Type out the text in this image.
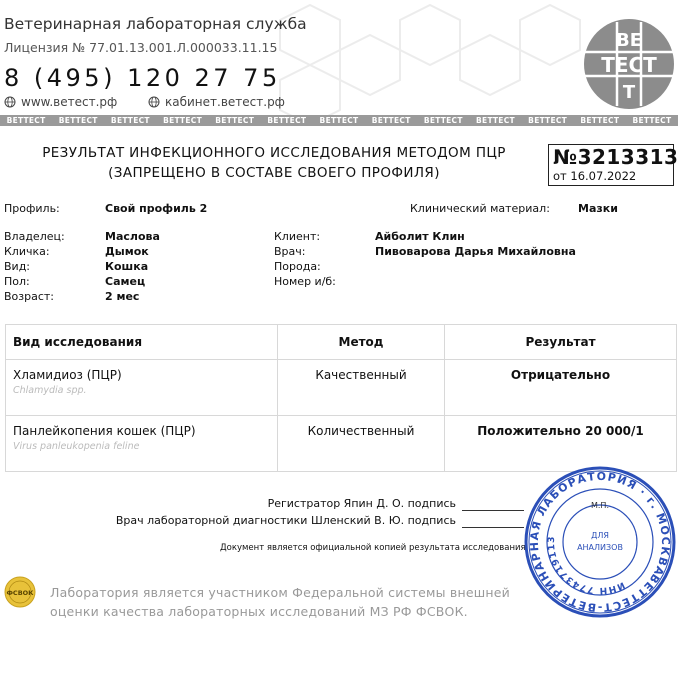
Ветеринарная лабораторная служба
Лицензия № 77.01.13.001.Л.000033.11.15
8 (495) 120 27 75
www.ветест.рф	кабинет.ветест.рф
ВЕ
ТЕСТ
Т
ВЕТТЕСТ	ВЕТТЕСТ	ВЕТТЕСТ	ВЕТТЕСТ	ВЕТТЕСТ	ВЕТТЕСТ	ВЕТТЕСТ	ВЕТТЕСТ	ВЕТТЕСТ	ВЕТТЕСТ	ВЕТТЕСТ	ВЕТТЕСТ	ВЕТТЕСТ
РЕЗУЛЬТАТ ИНФЕКЦИОННОГО ИССЛЕДОВАНИЯ МЕТОДОМ ПЦР
(ЗАПРЕЩЕНО В СОСТАВЕ СВОЕГО ПРОФИЛЯ)
№3213313
от 16.07.2022
Профиль:	Свой профиль 2	Клинический материал:	Мазки
Владелец:	Маслова
Кличка:	Дымок
Вид:	Кошка
Пол:	Самец
Возраст:	2 мес
Клиент:	Айболит Клин
Врач:	Пивоварова Дарья Михайловна
Порода:
Номер и/б:
Вид исследования	Метод	Результат

Хламидиоз (ПЦР)
Chlamydia spp.	Качественный	Отрицательно

Панлейкопения кошек (ПЦР)
Virus panleukopenia feline	Количественный	Положительно 20 000/1
Регистратор Япин Д. О. подпись
Врач лабораторной диагностики Шленский В. Ю. подпись
Документ является официальной копией результата исследования
ФСВОК Лаборатория является участником Федеральной системы внешней
оценки качества лабораторных исследований МЗ РФ ФСВОК.
ВЕТТЕСТ-ВЕТЕРИНАРНАЯ ЛАБОРАТОРИЯ · г. МОСКВА
ИНН 7743719113	ДЛЯ
АНАЛИЗОВ
М.П.
